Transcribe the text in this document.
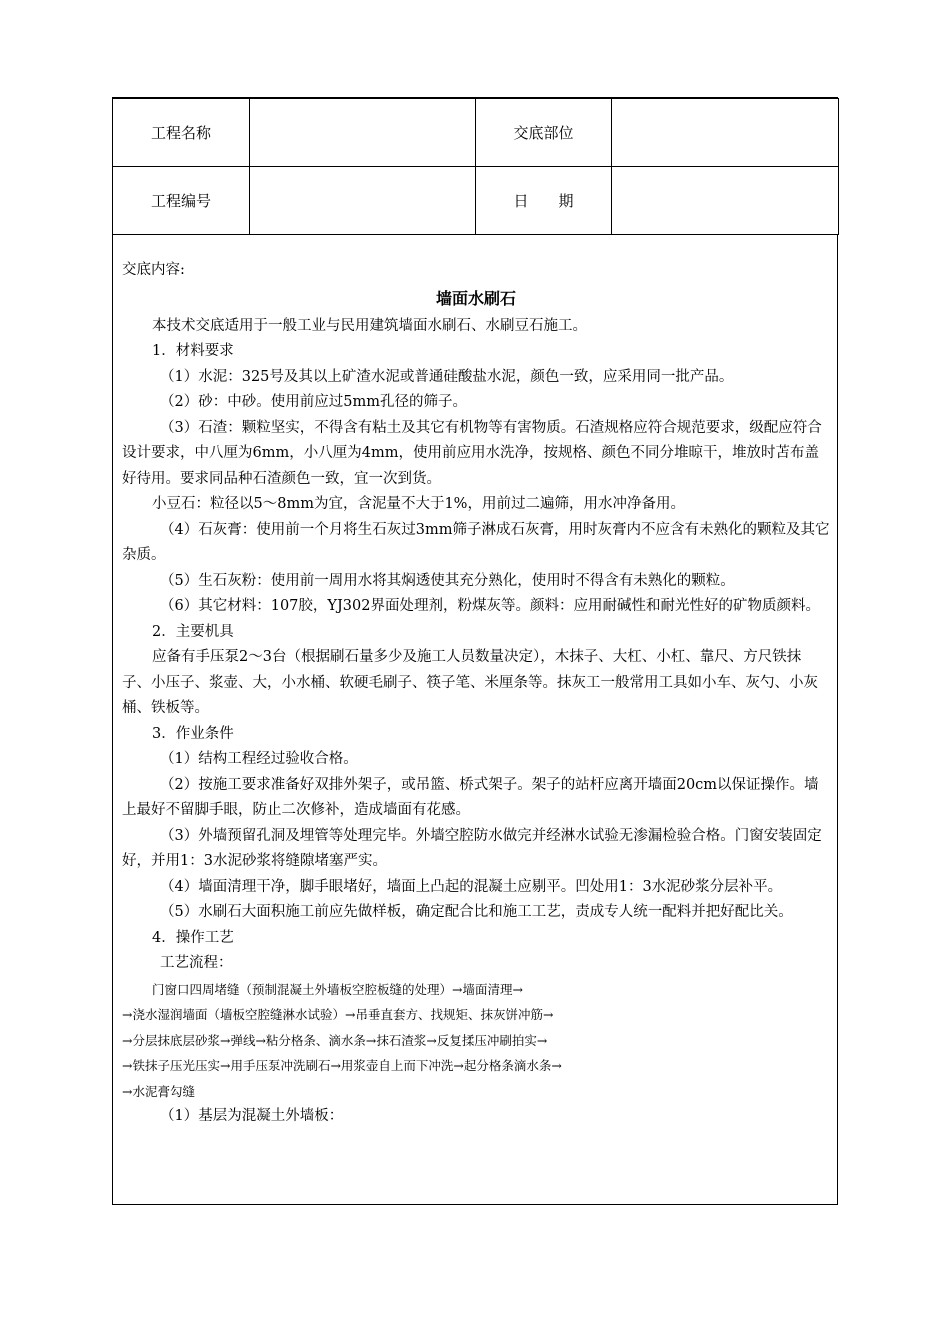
工程名称		交底部位	
工程编号		日　　期	

交底内容:

墙面水刷石

本技术交底适用于一般工业与民用建筑墙面水刷石、水刷豆石施工。

1．材料要求

（1）水泥：325号及其以上矿渣水泥或普通硅酸盐水泥，颜色一致，应采用同一批产品。

（2）砂：中砂。使用前应过5mm孔径的筛子。

（3）石渣：颗粒坚实，不得含有粘土及其它有机物等有害物质。石渣规格应符合规范要求，级配应符合设计要求，中八厘为6mm，小八厘为4mm，使用前应用水洗净，按规格、颜色不同分堆晾干，堆放时苫布盖好待用。要求同品种石渣颜色一致，宜一次到货。

小豆石：粒径以5～8mm为宜，含泥量不大于1%，用前过二遍筛，用水冲净备用。

（4）石灰膏：使用前一个月将生石灰过3mm筛子淋成石灰膏，用时灰膏内不应含有未熟化的颗粒及其它杂质。

（5）生石灰粉：使用前一周用水将其焖透使其充分熟化，使用时不得含有未熟化的颗粒。

（6）其它材料：107胶，YJ302界面处理剂，粉煤灰等。颜料：应用耐碱性和耐光性好的矿物质颜料。

2．主要机具

应备有手压泵2～3台（根据刷石量多少及施工人员数量决定），木抹子、大杠、小杠、靠尺、方尺铁抹子、小压子、浆壶、大，小水桶、软硬毛刷子、筷子笔、米厘条等。抹灰工一般常用工具如小车、灰勺、小灰桶、铁板等。

3．作业条件

（1）结构工程经过验收合格。

（2）按施工要求准备好双排外架子，或吊篮、桥式架子。架子的站杆应离开墙面20cm以保证操作。墙上最好不留脚手眼，防止二次修补，造成墙面有花感。

（3）外墙预留孔洞及埋管等处理完毕。外墙空腔防水做完并经淋水试验无渗漏检验合格。门窗安装固定好，并用1：3水泥砂浆将缝隙堵塞严实。

（4）墙面清理干净，脚手眼堵好，墙面上凸起的混凝土应剔平。凹处用1：3水泥砂浆分层补平。

（5）水刷石大面积施工前应先做样板，确定配合比和施工工艺，责成专人统一配料并把好配比关。

4．操作工艺

工艺流程：

门窗口四周堵缝（预制混凝土外墙板空腔板缝的处理）→墙面清理→

→浇水湿润墙面（墙板空腔缝淋水试验）→吊垂直套方、找规矩、抹灰饼冲筋→

→分层抹底层砂浆→弹线→粘分格条、滴水条→抹石渣浆→反复揉压冲刷拍实→

→铁抹子压光压实→用手压泵冲洗刷石→用浆壶自上而下冲洗→起分格条滴水条→

→水泥膏勾缝

（1）基层为混凝土外墙板：
